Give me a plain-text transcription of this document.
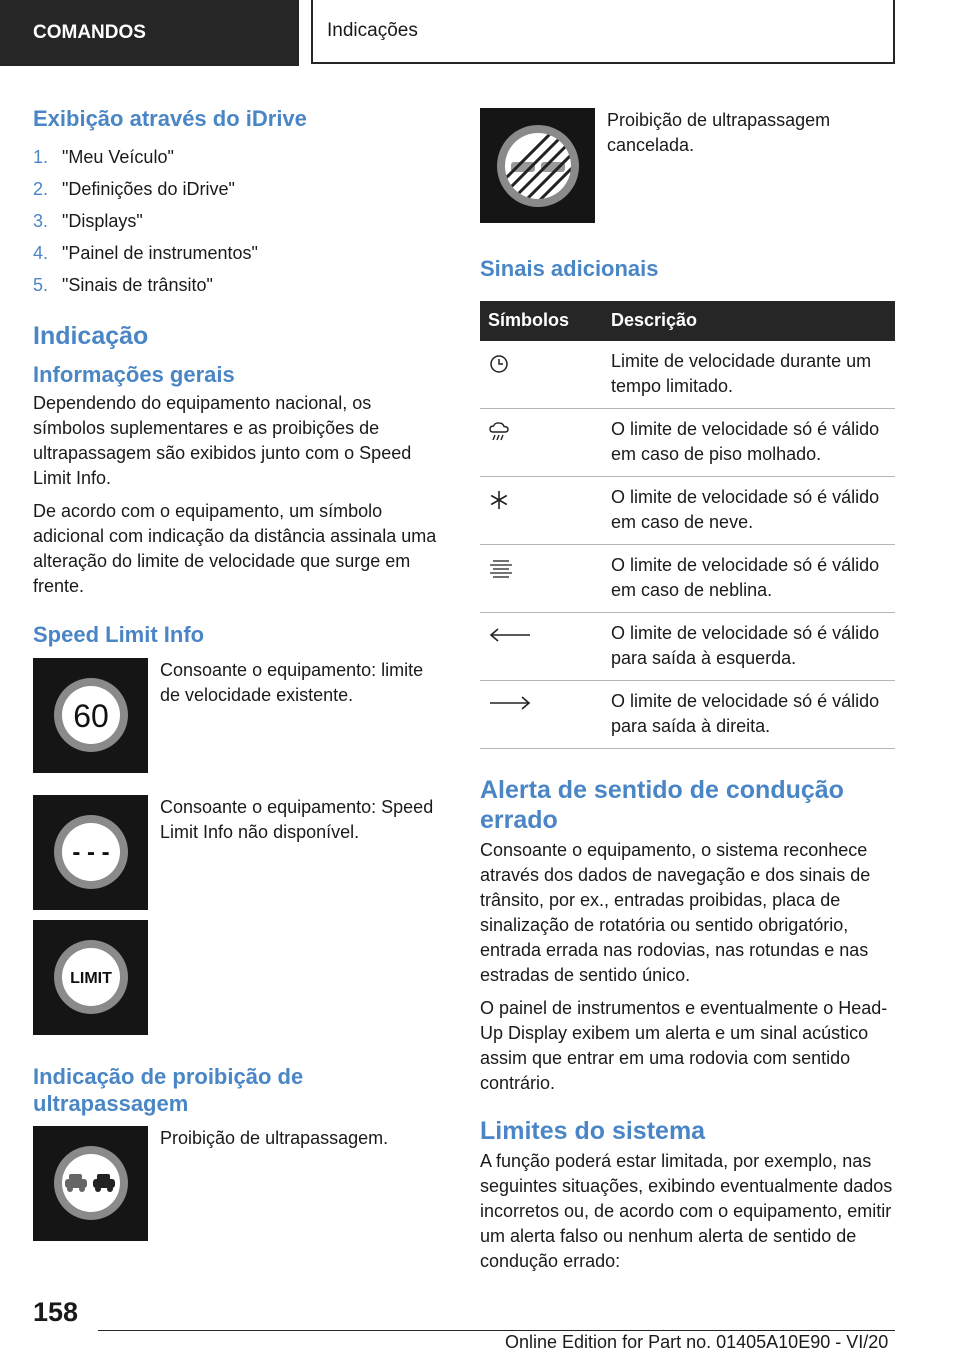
COMANDOS	Indicações
Exibição através do iDrive
1. "Meu Veículo"
2. "Definições do iDrive"
3. "Displays"
4. "Painel de instrumentos"
5. "Sinais de trânsito"
Indicação
Informações gerais

Dependendo do equipamento nacional, os símbolos suplementares e as proibições de ultrapassagem são exibidos junto com o Speed Limit Info.

De acordo com o equipamento, um símbolo adicional com indicação da distância assinala uma alteração do limite de velocidade que surge em frente.

Speed Limit Info
60

Consoante o equipamento: limite de velocidade existente.

- - -

Consoante o equipamento: Speed Limit Info não disponível.

LIMIT
Indicação de proibição de ultrapassagem

Proibição de ultrapassagem.

Proibição de ultrapassagem cancelada.

Sinais adicionais
Símbolos	Descrição
	Limite de velocidade durante um tempo limitado.
	O limite de velocidade só é válido em caso de piso molhado.
	O limite de velocidade só é válido em caso de neve.
	O limite de velocidade só é válido em caso de neblina.
	O limite de velocidade só é válido para saída à esquerda.
	O limite de velocidade só é válido para saída à direita.
Alerta de sentido de condução errado

Consoante o equipamento, o sistema reconhece através dos dados de navegação e dos sinais de trânsito, por ex., entradas proibidas, placa de sinalização de rotatória ou sentido obrigatório, entrada errada nas rodovias, nas rotundas e nas estradas de sentido único.

O painel de instrumentos e eventualmente o Head-Up Display exibem um alerta e um sinal acústico assim que entrar em uma rodovia com sentido contrário.

Limites do sistema

A função poderá estar limitada, por exemplo, nas seguintes situações, exibindo eventualmente dados incorretos ou, de acordo com o equipamento, emitir um alerta falso ou nenhum alerta de sentido de condução errado:

158
Online Edition for Part no. 01405A10E90 - VI/20
